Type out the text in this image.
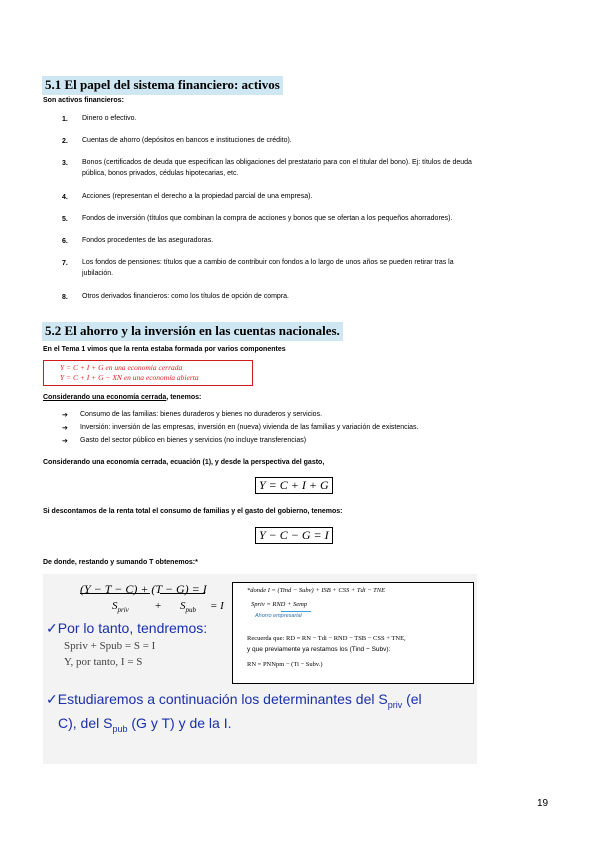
5.1 El papel del sistema financiero: activos
Son activos financieros:
1. Dinero o efectivo.
2. Cuentas de ahorro (depósitos en bancos e instituciones de crédito).
3. Bonos (certificados de deuda que especifican las obligaciones del prestatario para con el titular del bono). Ej: títulos de deuda
pública, bonos privados, cédulas hipotecarias, etc.
4. Acciones (representan el derecho a la propiedad parcial de una empresa).
5. Fondos de inversión (títulos que combinan la compra de acciones y bonos que se ofertan a los pequeños ahorradores).
6. Fondos procedentes de las aseguradoras.
7. Los fondos de pensiones: títulos que a cambio de contribuir con fondos a lo largo de unos años se pueden retirar tras la
jubilación.
8. Otros derivados financieros: como los títulos de opción de compra.
5.2 El ahorro y la inversión en las cuentas nacionales.
En el Tema 1 vimos que la renta estaba formada por varios componentes
Y = C + I + G en una economía cerrada
Y = C + I + G − XN en una economía abierta
Considerando una economía cerrada, tenemos:
➔ Consumo de las familias: bienes duraderos y bienes no duraderos y servicios.
➔ Inversión: inversión de las empresas, inversión en (nueva) vivienda de las familias y variación de existencias.
➔ Gasto del sector público en bienes y servicios (no incluye transferencias)
Considerando una economía cerrada, ecuación (1), y desde la perspectiva del gasto,
Y = C + I + G
Si descontamos de la renta total el consumo de familias y el gasto del gobierno, tenemos:
Y − C − G = I
De donde, restando y sumando T obtenemos:*
(Y − T − C) + (T − G) = I
$S_{priv} + S_{pub} = I$
✓Por lo tanto, tendremos:
Spriv + Spub = S = I
Y, por tanto, I = S
*donde I = (Tind − Subv) + ISB + CSS + Tdi − TNE
Spriv = RND + Semp
Ahorro empresarial
Recuerda que: RD = RN − Tdi − RND − TSB − CSS + TNE,
y que previamente ya restamos los (Tind − Subv):
RN = PNNpm − (Ti − Subv.)
✓Estudiaremos a continuación los determinantes del $S_{priv}$ (el
C), del $S_{pub}$ (G y T) y de la I.
19
